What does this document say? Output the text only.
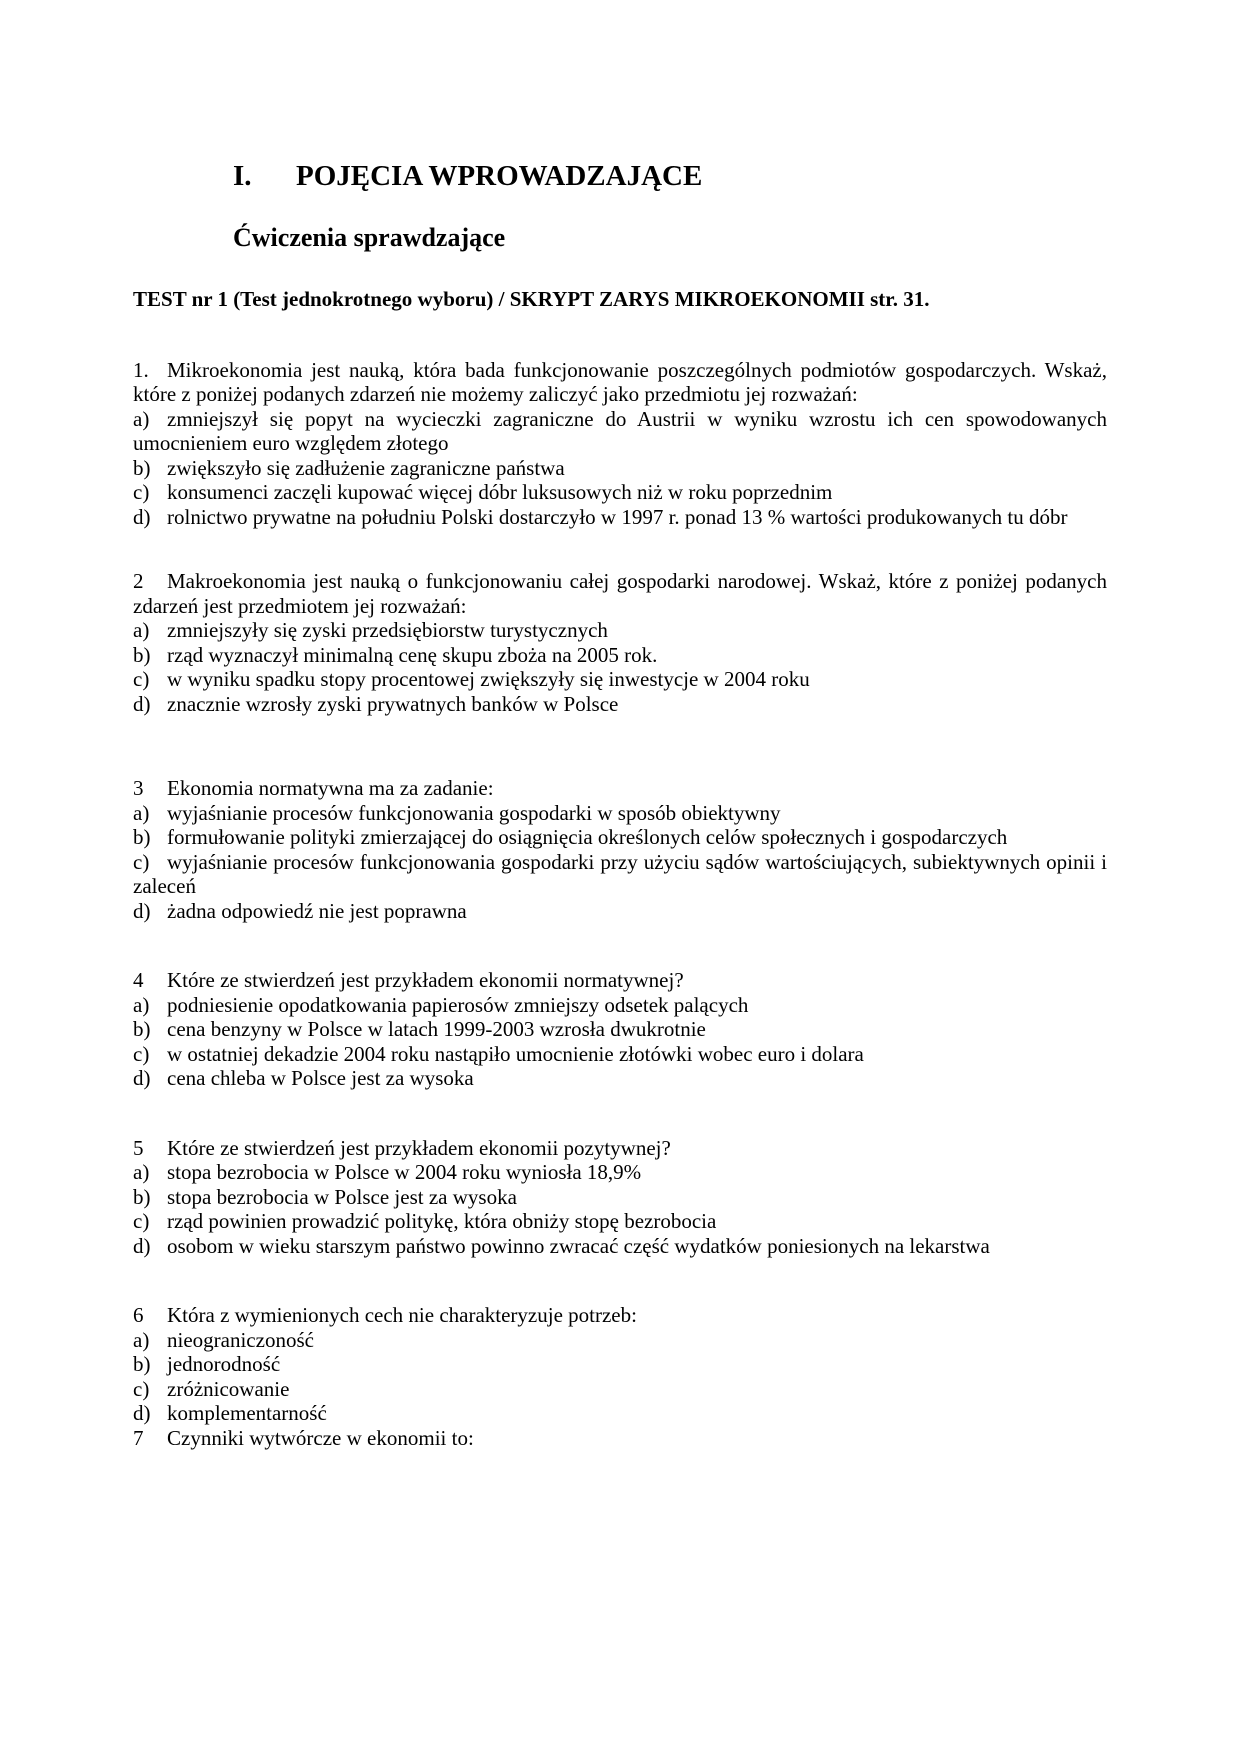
I. POJĘCIA WPROWADZAJĄCE
Ćwiczenia sprawdzające
TEST nr 1 (Test jednokrotnego wyboru) / SKRYPT ZARYS MIKROEKONOMII str. 31.

1. Mikroekonomia jest nauką, która bada funkcjonowanie poszczególnych podmiotów gospodarczych. Wskaż, które z poniżej podanych zdarzeń nie możemy zaliczyć jako przedmiotu jej rozważań:

a) zmniejszył się popyt na wycieczki zagraniczne do Austrii w wyniku wzrostu ich cen spowodowanych umocnieniem euro względem złotego

b) zwiększyło się zadłużenie zagraniczne państwa

c) konsumenci zaczęli kupować więcej dóbr luksusowych niż w roku poprzednim

d) rolnictwo prywatne na południu Polski dostarczyło w 1997 r. ponad 13 % wartości produkowanych tu dóbr

2 Makroekonomia jest nauką o funkcjonowaniu całej gospodarki narodowej. Wskaż, które z poniżej podanych zdarzeń jest przedmiotem jej rozważań:

a) zmniejszyły się zyski przedsiębiorstw turystycznych

b) rząd wyznaczył minimalną cenę skupu zboża na 2005 rok.

c) w wyniku spadku stopy procentowej zwiększyły się inwestycje w 2004 roku

d) znacznie wzrosły zyski prywatnych banków w Polsce

3 Ekonomia normatywna ma za zadanie:

a) wyjaśnianie procesów funkcjonowania gospodarki w sposób obiektywny

b) formułowanie polityki zmierzającej do osiągnięcia określonych celów społecznych i gospodarczych

c) wyjaśnianie procesów funkcjonowania gospodarki przy użyciu sądów wartościujących, subiektywnych opinii i zaleceń

d) żadna odpowiedź nie jest poprawna

4 Które ze stwierdzeń jest przykładem ekonomii normatywnej?

a) podniesienie opodatkowania papierosów zmniejszy odsetek palących

b) cena benzyny w Polsce w latach 1999-2003 wzrosła dwukrotnie

c) w ostatniej dekadzie 2004 roku nastąpiło umocnienie złotówki wobec euro i dolara

d) cena chleba w Polsce jest za wysoka

5 Które ze stwierdzeń jest przykładem ekonomii pozytywnej?

a) stopa bezrobocia w Polsce w 2004 roku wyniosła 18,9%

b) stopa bezrobocia w Polsce jest za wysoka

c) rząd powinien prowadzić politykę, która obniży stopę bezrobocia

d) osobom w wieku starszym państwo powinno zwracać część wydatków poniesionych na lekarstwa

6 Która z wymienionych cech nie charakteryzuje potrzeb:

a) nieograniczoność

b) jednorodność

c) zróżnicowanie

d) komplementarność

7 Czynniki wytwórcze w ekonomii to:
